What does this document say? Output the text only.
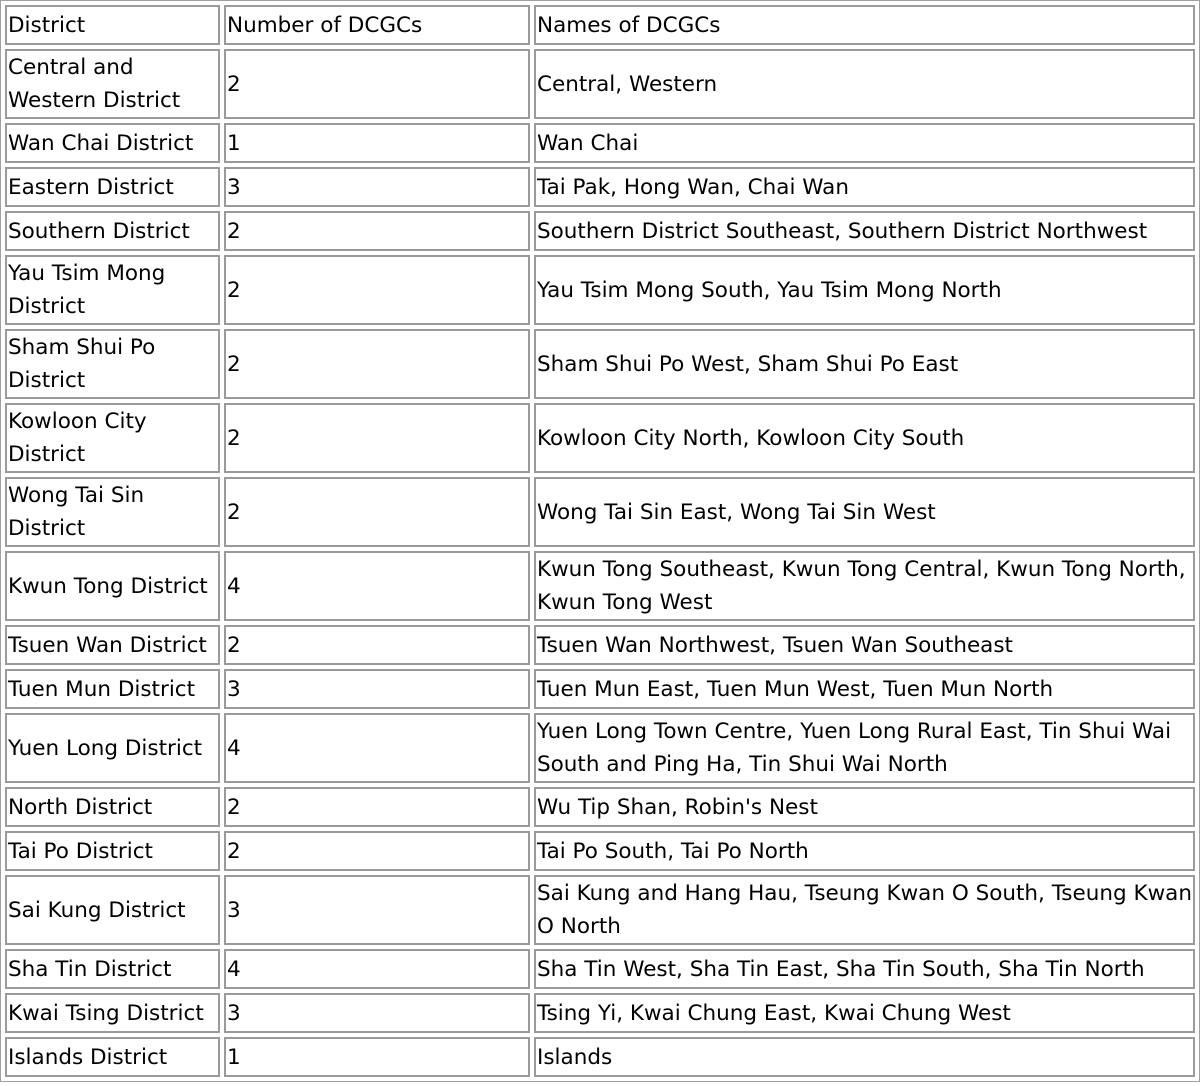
District	Number of DCGCs	Names of DCGCs
Central and Western District	2	Central, Western
Wan Chai District	1	Wan Chai
Eastern District	3	Tai Pak, Hong Wan, Chai Wan
Southern District	2	Southern District Southeast, Southern District Northwest
Yau Tsim Mong District	2	Yau Tsim Mong South, Yau Tsim Mong North
Sham Shui Po District	2	Sham Shui Po West, Sham Shui Po East
Kowloon City District	2	Kowloon City North, Kowloon City South
Wong Tai Sin District	2	Wong Tai Sin East, Wong Tai Sin West
Kwun Tong District	4	Kwun Tong Southeast, Kwun Tong Central, Kwun Tong North, Kwun Tong West
Tsuen Wan District	2	Tsuen Wan Northwest, Tsuen Wan Southeast
Tuen Mun District	3	Tuen Mun East, Tuen Mun West, Tuen Mun North
Yuen Long District	4	Yuen Long Town Centre, Yuen Long Rural East, Tin Shui Wai South and Ping Ha, Tin Shui Wai North
North District	2	Wu Tip Shan, Robin's Nest
Tai Po District	2	Tai Po South, Tai Po North
Sai Kung District	3	Sai Kung and Hang Hau, Tseung Kwan O South, Tseung Kwan O North
Sha Tin District	4	Sha Tin West, Sha Tin East, Sha Tin South, Sha Tin North
Kwai Tsing District	3	Tsing Yi, Kwai Chung East, Kwai Chung West
Islands District	1	Islands
